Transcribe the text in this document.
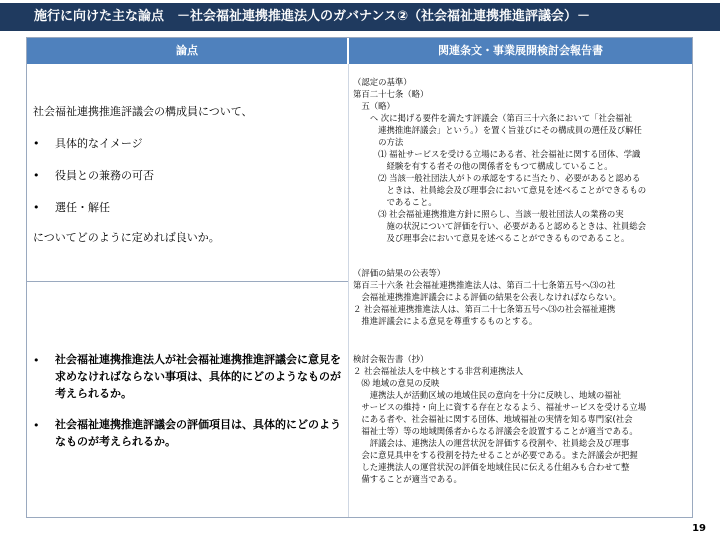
施行に向けた主な論点　－社会福祉連携推進法人のガバナンス②（社会福祉連携推進評議会）－
論点	関連条文・事業展開検討会報告書
社会福祉連携推進評議会の構成員について、
• 具体的なイメージ
• 役員との兼務の可否
• 選任・解任
についてどのように定めれば良いか。
• 社会福祉連携推進法人が社会福祉連携推進評議会に意見を求めなければならない事項は、具体的にどのようなものが考えられるか。
• 社会福祉連携推進評議会の評価項目は、具体的にどのようなものが考えられるか。
（認定の基準）
第百二十七条（略）
　五（略）
　　ヘ 次に掲げる要件を満たす評議会（第百三十六条において「社会福祉
　　　連携推進評議会」という。）を置く旨並びにその構成員の選任及び解任
　　　の方法
　　　⑴ 福祉サービスを受ける立場にある者、社会福祉に関する団体、学識
　　　　経験を有する者その他の関係者をもつて構成していること。
　　　⑵ 当該一般社団法人がトの承認をするに当たり、必要があると認める
　　　　ときは、社員総会及び理事会において意見を述べることができるもの
　　　　であること。
　　　⑶ 社会福祉連携推進方針に照らし、当該一般社団法人の業務の実
　　　　施の状況について評価を行い、必要があると認めるときは、社員総会
　　　　及び理事会において意見を述べることができるものであること。
（評価の結果の公表等）
第百三十六条 社会福祉連携推進法人は、第百二十七条第五号ヘ⑶の社
　会福祉連携推進評議会による評価の結果を公表しなければならない。
２ 社会福祉連携推進法人は、第百二十七条第五号ヘ⑶の社会福祉連携
　推進評議会による意見を尊重するものとする。
検討会報告書（抄）
２ 社会福祉法人を中核とする非営利連携法人
　⑻ 地域の意見の反映
　　連携法人が活動区域の地域住民の意向を十分に反映し、地域の福祉
　サービスの維持・向上に資する存在となるよう、福祉サービスを受ける立場
　にある者や、社会福祉に関する団体、地域福祉の実情を知る専門家(社会
　福祉士等）等の地域関係者からなる評議会を設置することが適当である。
　　評議会は、連携法人の運営状況を評価する役割や、社員総会及び理事
　会に意見具申をする役割を持たせることが必要である。また評議会が把握
　した連携法人の運営状況の評価を地域住民に伝える仕組みも合わせて整
　備することが適当である。
19
